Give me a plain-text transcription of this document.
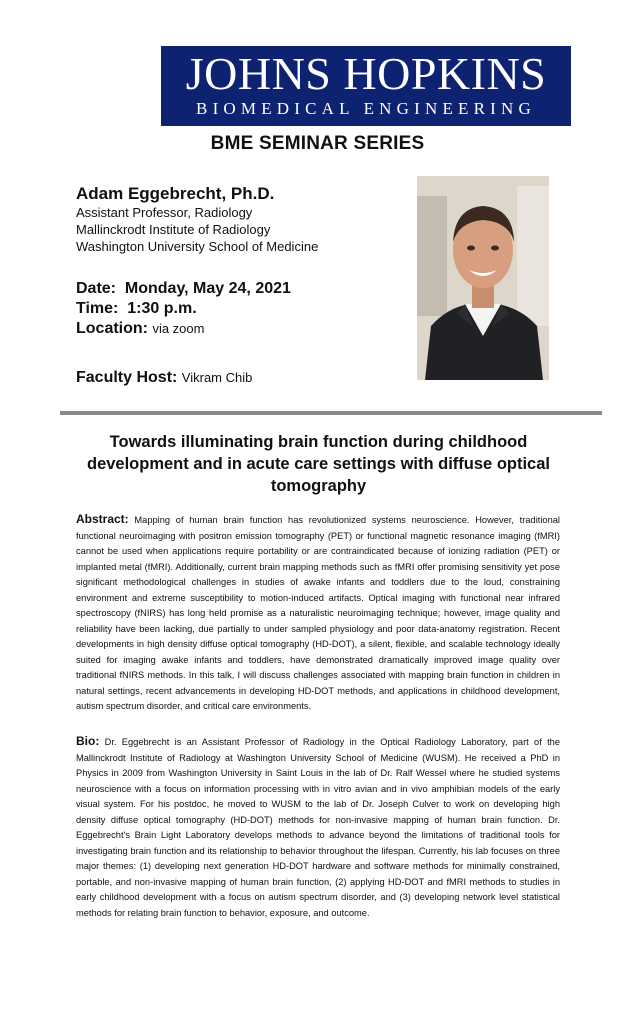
JOHNS HOPKINS
BIOMEDICAL ENGINEERING
BME SEMINAR SERIES
Adam Eggebrecht, Ph.D.
Assistant Professor, Radiology
Mallinckrodt Institute of Radiology
Washington University School of Medicine
Date: Monday, May 24, 2021
Time: 1:30 p.m.
Location: via zoom
Faculty Host: Vikram Chib
Towards illuminating brain function during childhood development and in acute care settings with diffuse optical tomography
Abstract: Mapping of human brain function has revolutionized systems neuroscience. However, traditional functional neuroimaging with positron emission tomography (PET) or functional magnetic resonance imaging (fMRI) cannot be used when applications require portability or are contraindicated because of ionizing radiation (PET) or implanted metal (fMRI). Additionally, current brain mapping methods such as fMRI offer promising sensitivity yet pose significant methodological challenges in studies of awake infants and toddlers due to the loud, constraining environment and extreme susceptibility to motion-induced artifacts. Optical imaging with functional near infrared spectroscopy (fNIRS) has long held promise as a naturalistic neuroimaging technique; however, image quality and reliability have been lacking, due partially to under sampled physiology and poor data-anatomy registration. Recent developments in high density diffuse optical tomography (HD-DOT), a silent, flexible, and scalable technology ideally suited for imaging awake infants and toddlers, have demonstrated dramatically improved image quality over traditional fNIRS methods. In this talk, I will discuss challenges associated with mapping brain function in children in natural settings, recent advancements in developing HD-DOT methods, and applications in childhood development, autism spectrum disorder, and critical care environments.
Bio: Dr. Eggebrecht is an Assistant Professor of Radiology in the Optical Radiology Laboratory, part of the Mallinckrodt Institute of Radiology at Washington University School of Medicine (WUSM). He received a PhD in Physics in 2009 from Washington University in Saint Louis in the lab of Dr. Ralf Wessel where he studied systems neuroscience with a focus on information processing with in vitro avian and in vivo amphibian models of the early visual system. For his postdoc, he moved to WUSM to the lab of Dr. Joseph Culver to work on developing high density diffuse optical tomography (HD-DOT) methods for non-invasive mapping of human brain function. Dr. Eggebrecht's Brain Light Laboratory develops methods to advance beyond the limitations of traditional tools for investigating brain function and its relationship to behavior throughout the lifespan. Currently, his lab focuses on three major themes: (1) developing next generation HD-DOT hardware and software methods for minimally constrained, portable, and non-invasive mapping of human brain function, (2) applying HD-DOT and fMRI methods to studies in early childhood development with a focus on autism spectrum disorder, and (3) developing network level statistical methods for relating brain function to behavior, exposure, and outcome.
